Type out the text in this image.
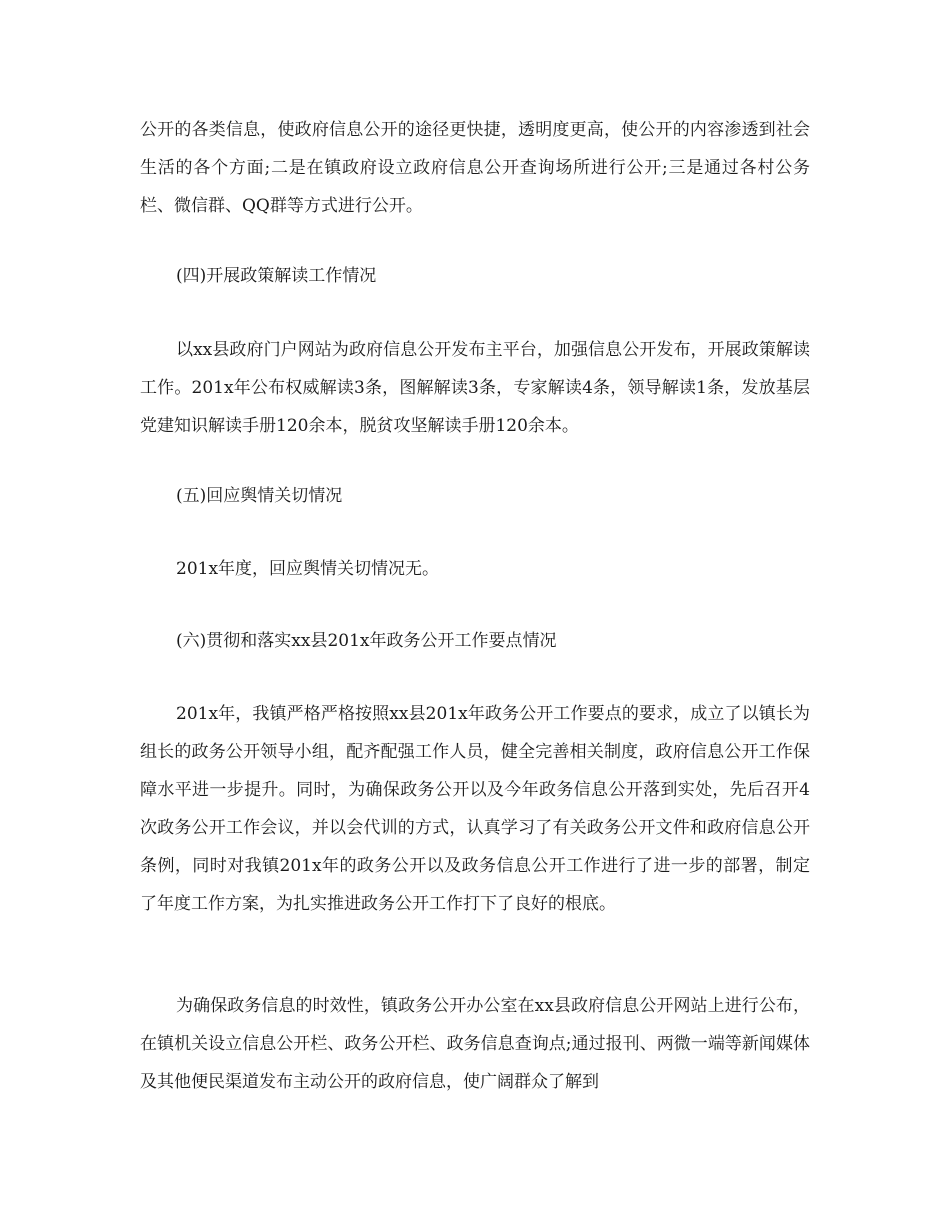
公开的各类信息，使政府信息公开的途径更快捷，透明度更高，使公开的内容渗透到社会生活的各个方面;二是在镇政府设立政府信息公开查询场所进行公开;三是通过各村公务栏、微信群、QQ群等方式进行公开。

(四)开展政策解读工作情况

以xx县政府门户网站为政府信息公开发布主平台，加强信息公开发布，开展政策解读工作。201x年公布权威解读3条，图解解读3条，专家解读4条，领导解读1条，发放基层党建知识解读手册120余本，脱贫攻坚解读手册120余本。

(五)回应舆情关切情况

201x年度，回应舆情关切情况无。

(六)贯彻和落实xx县201x年政务公开工作要点情况

201x年，我镇严格严格按照xx县201x年政务公开工作要点的要求，成立了以镇长为组长的政务公开领导小组，配齐配强工作人员，健全完善相关制度，政府信息公开工作保障水平进一步提升。同时，为确保政务公开以及今年政务信息公开落到实处，先后召开4次政务公开工作会议，并以会代训的方式，认真学习了有关政务公开文件和政府信息公开条例，同时对我镇201x年的政务公开以及政务信息公开工作进行了进一步的部署，制定了年度工作方案，为扎实推进政务公开工作打下了良好的根底。

为确保政务信息的时效性，镇政务公开办公室在xx县政府信息公开网站上进行公布，在镇机关设立信息公开栏、政务公开栏、政务信息查询点;通过报刊、两微一端等新闻媒体及其他便民渠道发布主动公开的政府信息，使广阔群众了解到
